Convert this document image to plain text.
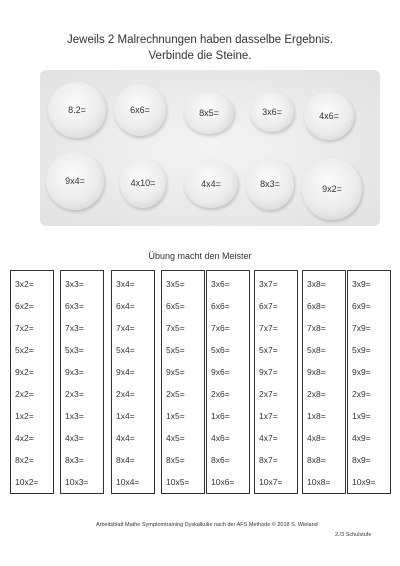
Jeweils 2 Malrechnungen haben dasselbe Ergebnis.
Verbinde die Steine.
8.2=	6x6=	8x5=	3x6=	4x6=
9x4=	4x10=	4x4=	8x3=	9x2=
Übung macht den Meister
3x2=
6x2=
7x2=
5x2=
9x2=
2x2=
1x2=
4x2=
8x2=
10x2=
3x3=
6x3=
7x3=
5x3=
9x3=
2x3=
1x3=
4x3=
8x3=
10x3=
3x4=
6x4=
7x4=
5x4=
9x4=
2x4=
1x4=
4x4=
8x4=
10x4=
3x5=
6x5=
7x5=
5x5=
9x5=
2x5=
1x5=
4x5=
8x5=
10x5=
3x6=
6x6=
7x6=
5x6=
9x6=
2x6=
1x6=
4x6=
8x6=
10x6=
3x7=
6x7=
7x7=
5x7=
9x7=
2x7=
1x7=
4x7=
8x7=
10x7=
3x8=
6x8=
7x8=
5x8=
9x8=
2x8=
1x8=
4x8=
8x8=
10x8=
3x9=
6x9=
7x9=
5x9=
9x9=
2x9=
1x9=
4x9=
8x9=
10x9=
Arbeitsblatt Mathe Symptomtraining Dyskalkulie nach der AFS Methode © 2018 S. Wieland
2./3 Schulstufe
